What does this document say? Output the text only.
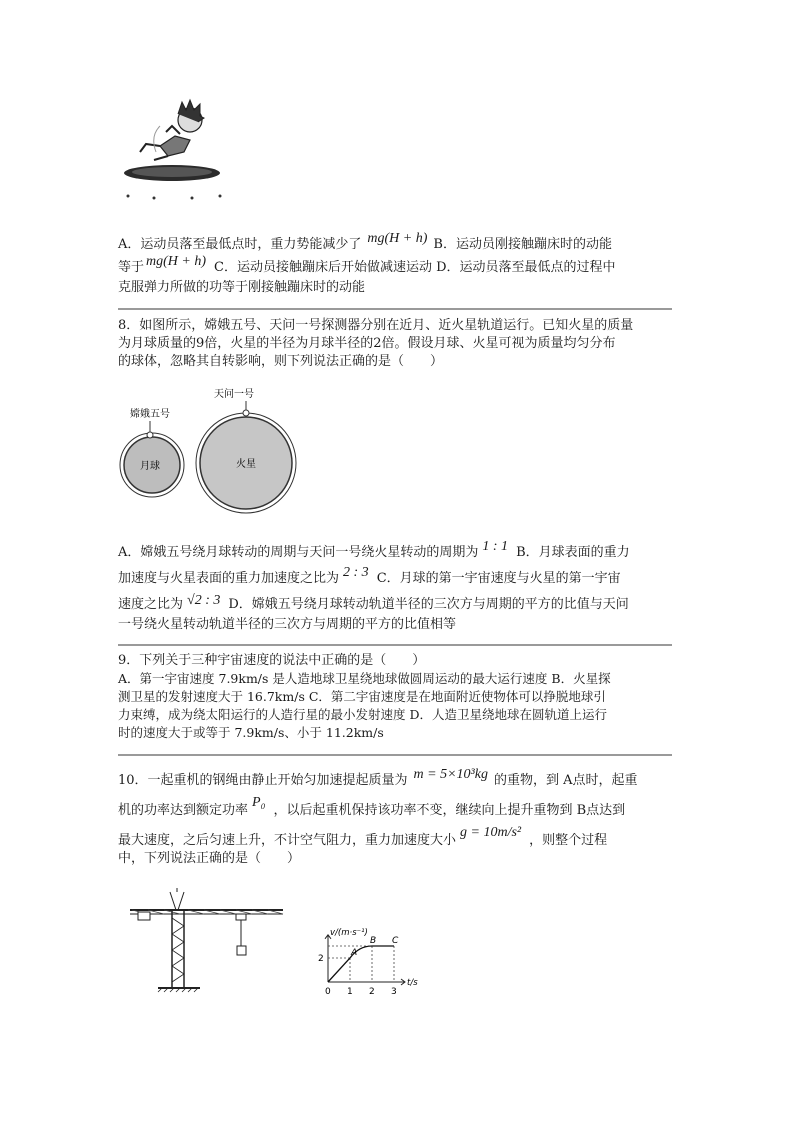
A．运动员落至最低点时，重力势能减少了 mg(H + h) B．运动员刚接触蹦床时的动能
等于 mg(H + h) C．运动员接触蹦床后开始做减速运动 D．运动员落至最低点的过程中
克服弹力所做的功等于刚接触蹦床时的动能
8．如图所示，嫦娥五号、天问一号探测器分别在近月、近火星轨道运行。已知火星的质量
为月球质量的9倍，火星的半径为月球半径的2倍。假设月球、火星可视为质量均匀分布
的球体，忽略其自转影响，则下列说法正确的是（　　）
嫦娥五号
月球
天问一号
火星
A．嫦娥五号绕月球转动的周期与天问一号绕火星转动的周期为 1 : 1 B．月球表面的重力
加速度与火星表面的重力加速度之比为 2 : 3 C．月球的第一宇宙速度与火星的第一宇宙
速度之比为 √2 : 3 D．嫦娥五号绕月球转动轨道半径的三次方与周期的平方的比值与天问
一号绕火星转动轨道半径的三次方与周期的平方的比值相等
9．下列关于三种宇宙速度的说法中正确的是（　　）
A．第一宇宙速度 7.9km/s 是人造地球卫星绕地球做圆周运动的最大运行速度 B．火星探
测卫星的发射速度大于 16.7km/s C．第二宇宙速度是在地面附近使物体可以挣脱地球引
力束缚，成为绕太阳运行的人造行星的最小发射速度 D．人造卫星绕地球在圆轨道上运行
时的速度大于或等于 7.9km/s、小于 11.2km/s
10．一起重机的钢绳由静止开始匀加速提起质量为 m = 5×10³kg 的重物，到 A点时，起重
机的功率达到额定功率P₀，以后起重机保持该功率不变，继续向上提升重物到 B点达到
最大速度，之后匀速上升，不计空气阻力，重力加速度大小g = 10m/s²，则整个过程
中，下列说法正确的是（　　）
v/(m·s⁻¹)
t/s
0 1 2 3
2
A
B C
